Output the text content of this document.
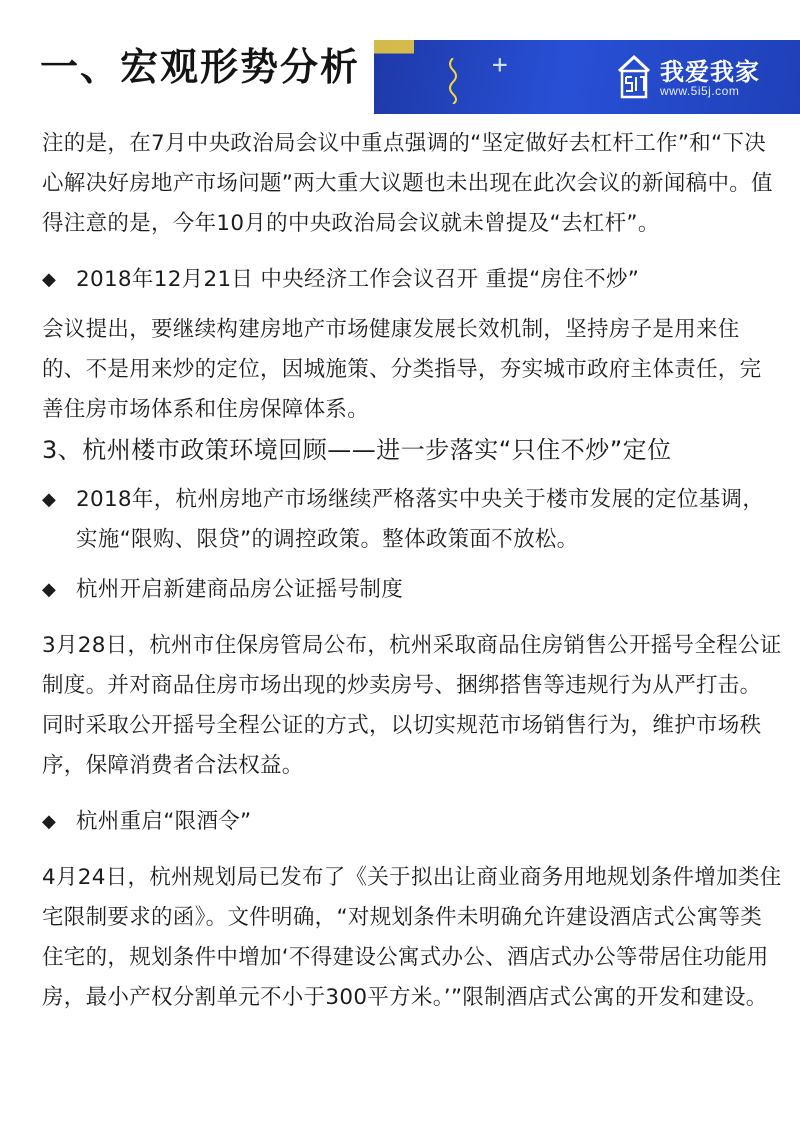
一、宏观形势分析	+	我爱我家
www.5i5j.com

注的是，在7月中央政治局会议中重点强调的“坚定做好去杠杆工作”和“下决心解决好房地产市场问题”两大重大议题也未出现在此次会议的新闻稿中。值得注意的是，今年10月的中央政治局会议就未曾提及“去杠杆”。

◆ 2018年12月21日 中央经济工作会议召开 重提“房住不炒”

会议提出，要继续构建房地产市场健康发展长效机制，坚持房子是用来住的、不是用来炒的定位，因城施策、分类指导，夯实城市政府主体责任，完善住房市场体系和住房保障体系。

3、杭州楼市政策环境回顾——进一步落实“只住不炒”定位

◆ 2018年，杭州房地产市场继续严格落实中央关于楼市发展的定位基调，实施“限购、限贷”的调控政策。整体政策面不放松。

◆ 杭州开启新建商品房公证摇号制度

3月28日，杭州市住保房管局公布，杭州采取商品住房销售公开摇号全程公证制度。并对商品住房市场出现的炒卖房号、捆绑搭售等违规行为从严打击。同时采取公开摇号全程公证的方式，以切实规范市场销售行为，维护市场秩序，保障消费者合法权益。

◆ 杭州重启“限酒令”

4月24日，杭州规划局已发布了《关于拟出让商业商务用地规划条件增加类住宅限制要求的函》。文件明确，“对规划条件未明确允许建设酒店式公寓等类住宅的，规划条件中增加‘不得建设公寓式办公、酒店式办公等带居住功能用房，最小产权分割单元不小于300平方米。’”限制酒店式公寓的开发和建设。
